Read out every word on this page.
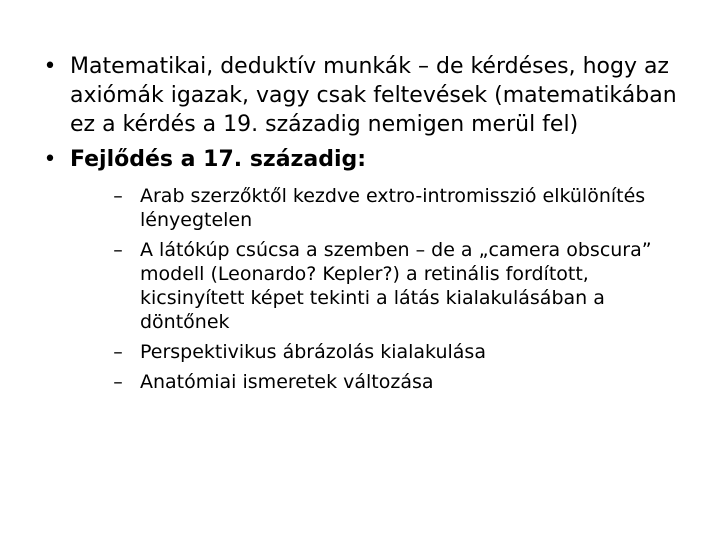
• Matematikai, deduktív munkák – de kérdéses, hogy az axiómák igazak, vagy csak feltevések (matematikában ez a kérdés a 19. századig nemigen merül fel)
• Fejlődés a 17. századig:
– Arab szerzőktől kezdve extro-intromisszió elkülönítés lényegtelen
– A látókúp csúcsa a szemben – de a „camera obscura” modell (Leonardo? Kepler?) a retinális fordított, kicsinyített képet tekinti a látás kialakulásában a döntőnek
– Perspektivikus ábrázolás kialakulása
– Anatómiai ismeretek változása
